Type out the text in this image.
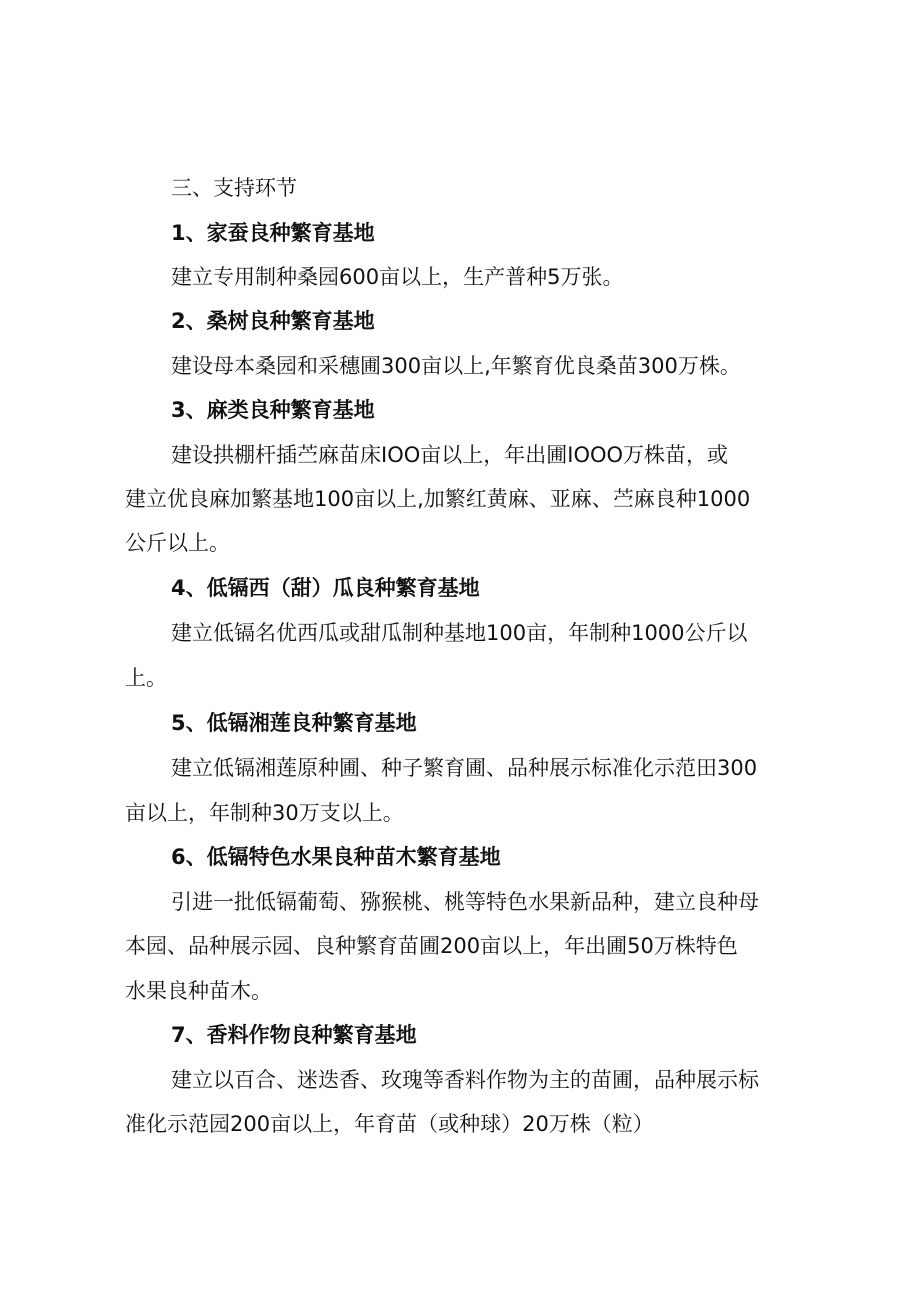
三、支持环节
1、家蚕良种繁育基地
建立专用制种桑园600亩以上，生产普种5万张。
2、桑树良种繁育基地
建设母本桑园和采穗圃300亩以上,年繁育优良桑苗300万株。
3、麻类良种繁育基地
建设拱棚杆插苎麻苗床IOO亩以上，年出圃IOOO万株苗，或
建立优良麻加繁基地100亩以上,加繁红黄麻、亚麻、苎麻良种1000
公斤以上。
4、低镉西（甜）瓜良种繁育基地
建立低镉名优西瓜或甜瓜制种基地100亩，年制种1000公斤以
上。
5、低镉湘莲良种繁育基地
建立低镉湘莲原种圃、种子繁育圃、品种展示标准化示范田300
亩以上，年制种30万支以上。
6、低镉特色水果良种苗木繁育基地
引进一批低镉葡萄、猕猴桃、桃等特色水果新品种，建立良种母
本园、品种展示园、良种繁育苗圃200亩以上，年出圃50万株特色
水果良种苗木。
7、香料作物良种繁育基地
建立以百合、迷迭香、玫瑰等香料作物为主的苗圃，品种展示标
准化示范园200亩以上，年育苗（或种球）20万株（粒）
